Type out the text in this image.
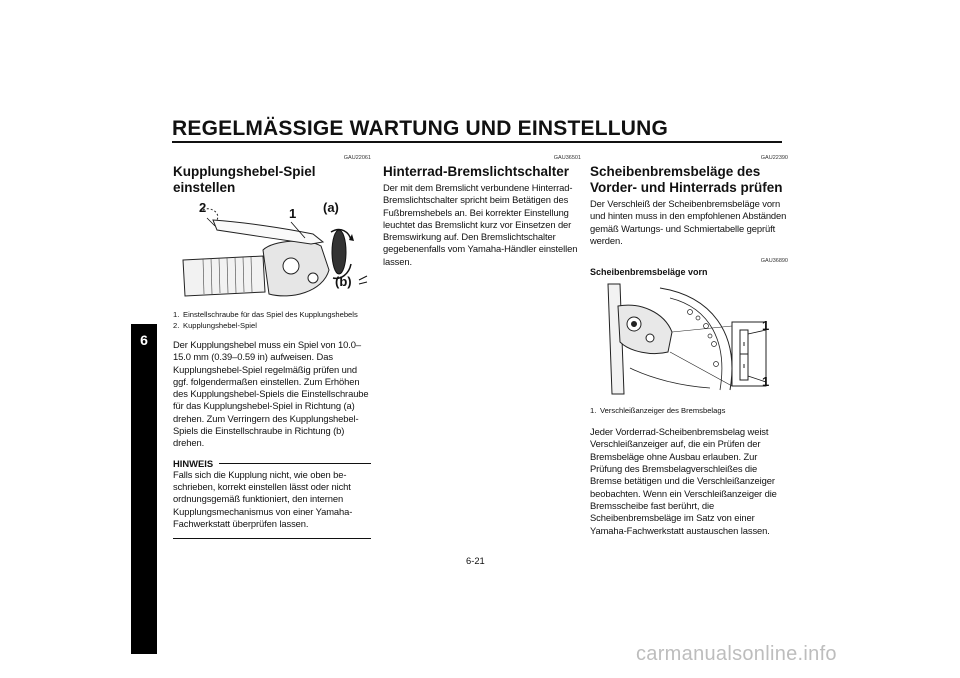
REGELMÄSSIGE WARTUNG UND EINSTELLUNG
6
GAU22061
Kupplungshebel-Spiel einstellen
2	1 (a)
(b)
1. Einstellschraube für das Spiel des Kupplungshebels
2. Kupplungshebel-Spiel

Der Kupplungshebel muss ein Spiel von 10.0–15.0 mm (0.39–0.59 in) aufweisen. Das Kupplungshebel-Spiel regelmäßig prüfen und ggf. folgendermaßen einstellen. Zum Erhöhen des Kupplungshebel-Spiels die Einstellschraube für das Kupplungshebel-Spiel in Richtung (a) drehen. Zum Verringern des Kupplungshebel-Spiels die Einstellschraube in Richtung (b) drehen.

HINWEIS

Falls sich die Kupplung nicht, wie oben beschrieben, korrekt einstellen lässt oder nicht ordnungsgemäß funktioniert, den internen Kupplungsmechanismus von einer Yamaha-Fachwerkstatt überprüfen lassen.

GAU36501
Hinterrad-Bremslichtschalter

Der mit dem Bremslicht verbundene Hinterrad-Bremslichtschalter spricht beim Betätigen des Fußbremshebels an. Bei korrekter Einstellung leuchtet das Bremslicht kurz vor Einsetzen der Bremswirkung auf. Den Bremslichtschalter gegebenenfalls vom Yamaha-Händler einstellen lassen.

GAU22390
Scheibenbremsbeläge des Vorder- und Hinterrads prüfen

Der Verschleiß der Scheibenbremsbeläge vorn und hinten muss in den empfohlenen Abständen gemäß Wartungs- und Schmiertabelle geprüft werden.

GAU36890
Scheibenbremsbeläge vorn
1
1
1. Verschleißanzeiger des Bremsbelags

Jeder Vorderrad-Scheibenbremsbelag weist Verschleißanzeiger auf, die ein Prüfen der Bremsbeläge ohne Ausbau erlauben. Zur Prüfung des Bremsbelagverschleißes die Bremse betätigen und die Verschleißanzeiger beobachten. Wenn ein Verschleißanzeiger die Bremsscheibe fast berührt, die Scheibenbremsbeläge im Satz von einer Yamaha-Fachwerkstatt austauschen lassen.

6-21
carmanualsonline.info
